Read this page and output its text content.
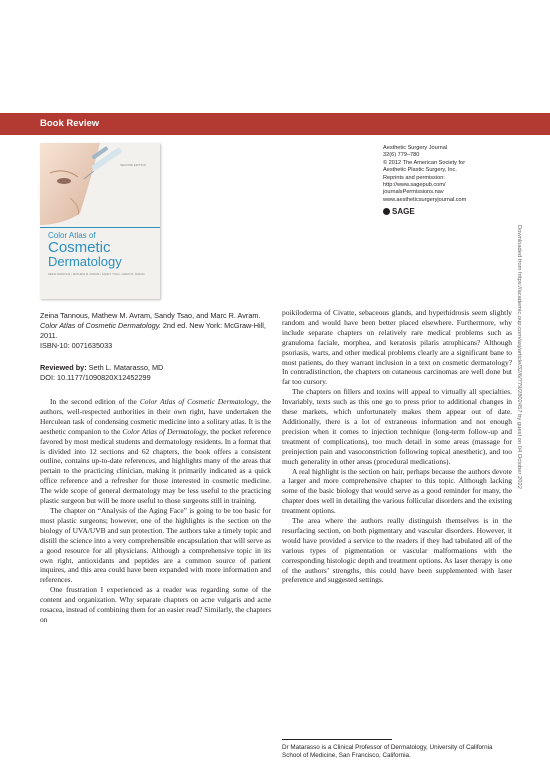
Book Review
Aesthetic Surgery Journal
32(6) 779–780
© 2012 The American Society for
Aesthetic Plastic Surgery, Inc.
Reprints and permission:
http://www.sagepub.com/
journalsPermissions.nav
www.aestheticsurgeryjournal.com
SAGE
SECOND EDITION
Color Atlas of
Cosmetic
Dermatology
ZEINA TANNOUS • MATHEW M. AVRAM • SANDY TSAO • MARC R. AVRAM	Downloaded from https://academic.oup.com/asj/article/32/6/779/2802457 by guest on 04 October 2022

Zeina Tannous, Mathew M. Avram, Sandy Tsao, and Marc R. Avram. Color Atlas of Cosmetic Dermatology. 2nd ed. New York: McGraw-Hill, 2011.

ISBN-10: 0071635033

Reviewed by: Seth L. Matarasso, MD
DOI: 10.1177/1090820X12452299

In the second edition of the Color Atlas of Cosmetic Dermatology, the authors, well-respected authorities in their own right, have undertaken the Herculean task of condensing cosmetic medicine into a solitary atlas. It is the aesthetic companion to the Color Atlas of Dermatology, the pocket reference favored by most medical students and dermatology residents. In a format that is divided into 12 sections and 62 chapters, the book offers a consistent outline, contains up-to-date references, and highlights many of the areas that pertain to the practicing clinician, making it primarily indicated as a quick office reference and a refresher for those interested in cosmetic medicine. The wide scope of general dermatology may be less useful to the practicing plastic surgeon but will be more useful to those surgeons still in training.

The chapter on “Analysis of the Aging Face” is going to be too basic for most plastic surgeons; however, one of the highlights is the section on the biology of UVA/UVB and sun protection. The authors take a timely topic and distill the science into a very comprehensible encapsulation that will serve as a good resource for all physicians. Although a comprehensive topic in its own right, antioxidants and peptides are a common source of patient inquires, and this area could have been expanded with more information and references.

One frustration I experienced as a reader was regarding some of the content and organization. Why separate chapters on acne vulgaris and acne rosacea, instead of combining them for an easier read? Similarly, the chapters on

poikiloderma of Civatte, sebaceous glands, and hyperhidrosis seem slightly random and would have been better placed elsewhere. Furthermore, why include separate chapters on relatively rare medical problems such as granuloma faciale, morphea, and keratosis pilaris atrophicans? Although psoriasis, warts, and other medical problems clearly are a significant bane to most patients, do they warrant inclusion in a text on cosmetic dermatology? In contradistinction, the chapters on cutaneous carcinomas are well done but far too cursory.

The chapters on fillers and toxins will appeal to virtually all specialties. Invariably, texts such as this one go to press prior to additional changes in these markets, which unfortunately makes them appear out of date. Additionally, there is a lot of extraneous information and not enough precision when it comes to injection technique (long-term follow-up and treatment of complications), too much detail in some areas (massage for preinjection pain and vasoconstriction following topical anesthetic), and too much generality in other areas (procedural medications).

A real highlight is the section on hair, perhaps because the authors devote a larger and more comprehensive chapter to this topic. Although lacking some of the basic biology that would serve as a good reminder for many, the chapter does well in detailing the various follicular disorders and the existing treatment options.

The area where the authors really distinguish themselves is in the resurfacing section, on both pigmentary and vascular disorders. However, it would have provided a service to the readers if they had tabulated all of the various types of pigmentation or vascular malformations with the corresponding histologic depth and treatment options. As laser therapy is one of the authors’ strengths, this could have been supplemented with laser preference and suggested settings.

Dr Matarasso is a Clinical Professor of Dermatology, University of California School of Medicine, San Francisco, California.
